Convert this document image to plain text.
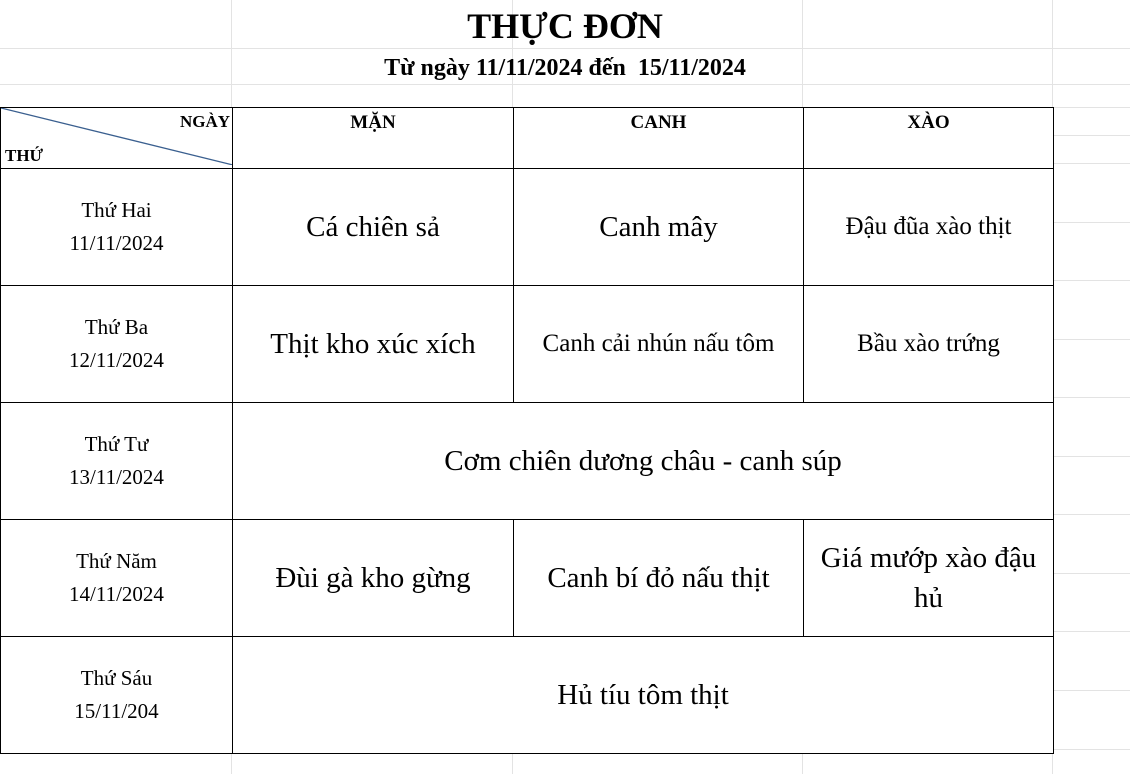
THỰC ĐƠN
Từ ngày 11/11/2024 đến  15/11/2024
NGÀY
THỨ	MẶN	CANH	XÀO

Thứ Hai
11/11/2024	Cá chiên sả	Canh mây	Đậu đũa xào thịt

Thứ Ba
12/11/2024	Thịt kho xúc xích	Canh cải nhún nấu tôm	Bầu xào trứng

Thứ Tư
13/11/2024	Cơm chiên dương châu - canh súp		

Thứ Năm
14/11/2024	Đùi gà kho gừng	Canh bí đỏ nấu thịt	Giá mướp xào đậu hủ

Thứ Sáu
15/11/204	Hủ tíu tôm thịt		
